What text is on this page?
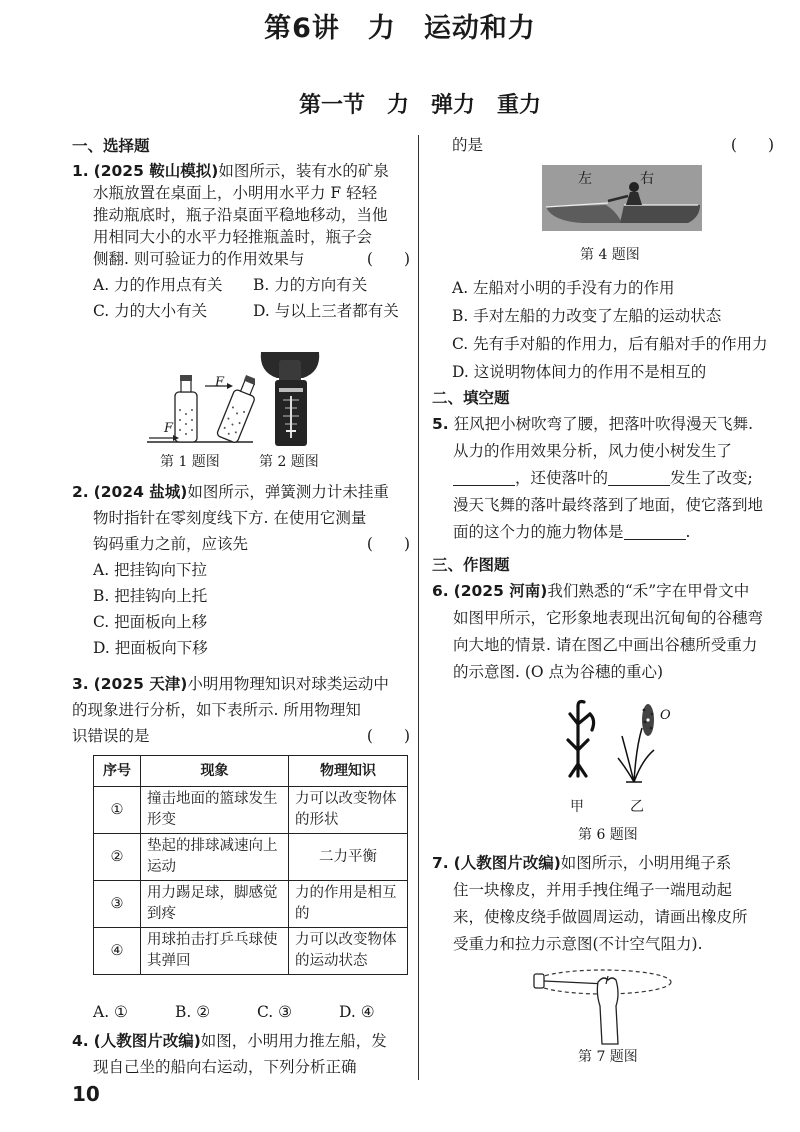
第6讲　力　运动和力
第一节　力　弹力　重力
一、选择题
1. (2025 鞍山模拟)如图所示，装有水的矿泉
水瓶放置在桌面上，小明用水平力 F 轻轻
推动瓶底时，瓶子沿桌面平稳地移动，当他
用相同大小的水平力轻推瓶盖时，瓶子会
侧翻. 则可验证力的作用效果与	(　　)
A. 力的作用点有关 B. 力的方向有关
C. 力的大小有关	D. 与以上三者都有关
F
F
第 1 题图	第 2 题图
2. (2024 盐城)如图所示，弹簧测力计未挂重
物时指针在零刻度线下方. 在使用它测量
钩码重力之前，应该先	(　　)
A. 把挂钩向下拉
B. 把挂钩向上托
C. 把面板向上移
D. 把面板向下移
3. (2025 天津)小明用物理知识对球类运动中
的现象进行分析，如下表所示. 所用物理知
识错误的是	(　　)
序号	现象	物理知识
①	撞击地面的篮球发生形变	力可以改变物体的形状
②	垫起的排球减速向上运动	二力平衡
③	用力踢足球，脚感觉到疼	力的作用是相互的
④	用球拍击打乒乓球使其弹回	力可以改变物体的运动状态
A. ①	B. ②	C. ③	D. ④
4. (人教图片改编)如图，小明用力推左船，发
现自己坐的船向右运动，下列分析正确
10
的是	(　　)
左	右
第 4 题图
A. 左船对小明的手没有力的作用
B. 手对左船的力改变了左船的运动状态
C. 先有手对船的作用力，后有船对手的作用力
D. 这说明物体间力的作用不是相互的
二、填空题
5. 狂风把小树吹弯了腰，把落叶吹得漫天飞舞.
从力的作用效果分析，风力使小树发生了
，还使落叶的	发生了改变;
漫天飞舞的落叶最终落到了地面，使它落到地
面的这个力的施力物体是	.
三、作图题
6. (2025 河南)我们熟悉的“禾”字在甲骨文中
如图甲所示，它形象地表现出沉甸甸的谷穗弯
向大地的情景. 请在图乙中画出谷穗所受重力
的示意图. (O 点为谷穗的重心)
O
甲	乙
第 6 题图
7. (人教图片改编)如图所示，小明用绳子系
住一块橡皮，并用手拽住绳子一端甩动起
来，使橡皮绕手做圆周运动，请画出橡皮所
受重力和拉力示意图(不计空气阻力).
第 7 题图
